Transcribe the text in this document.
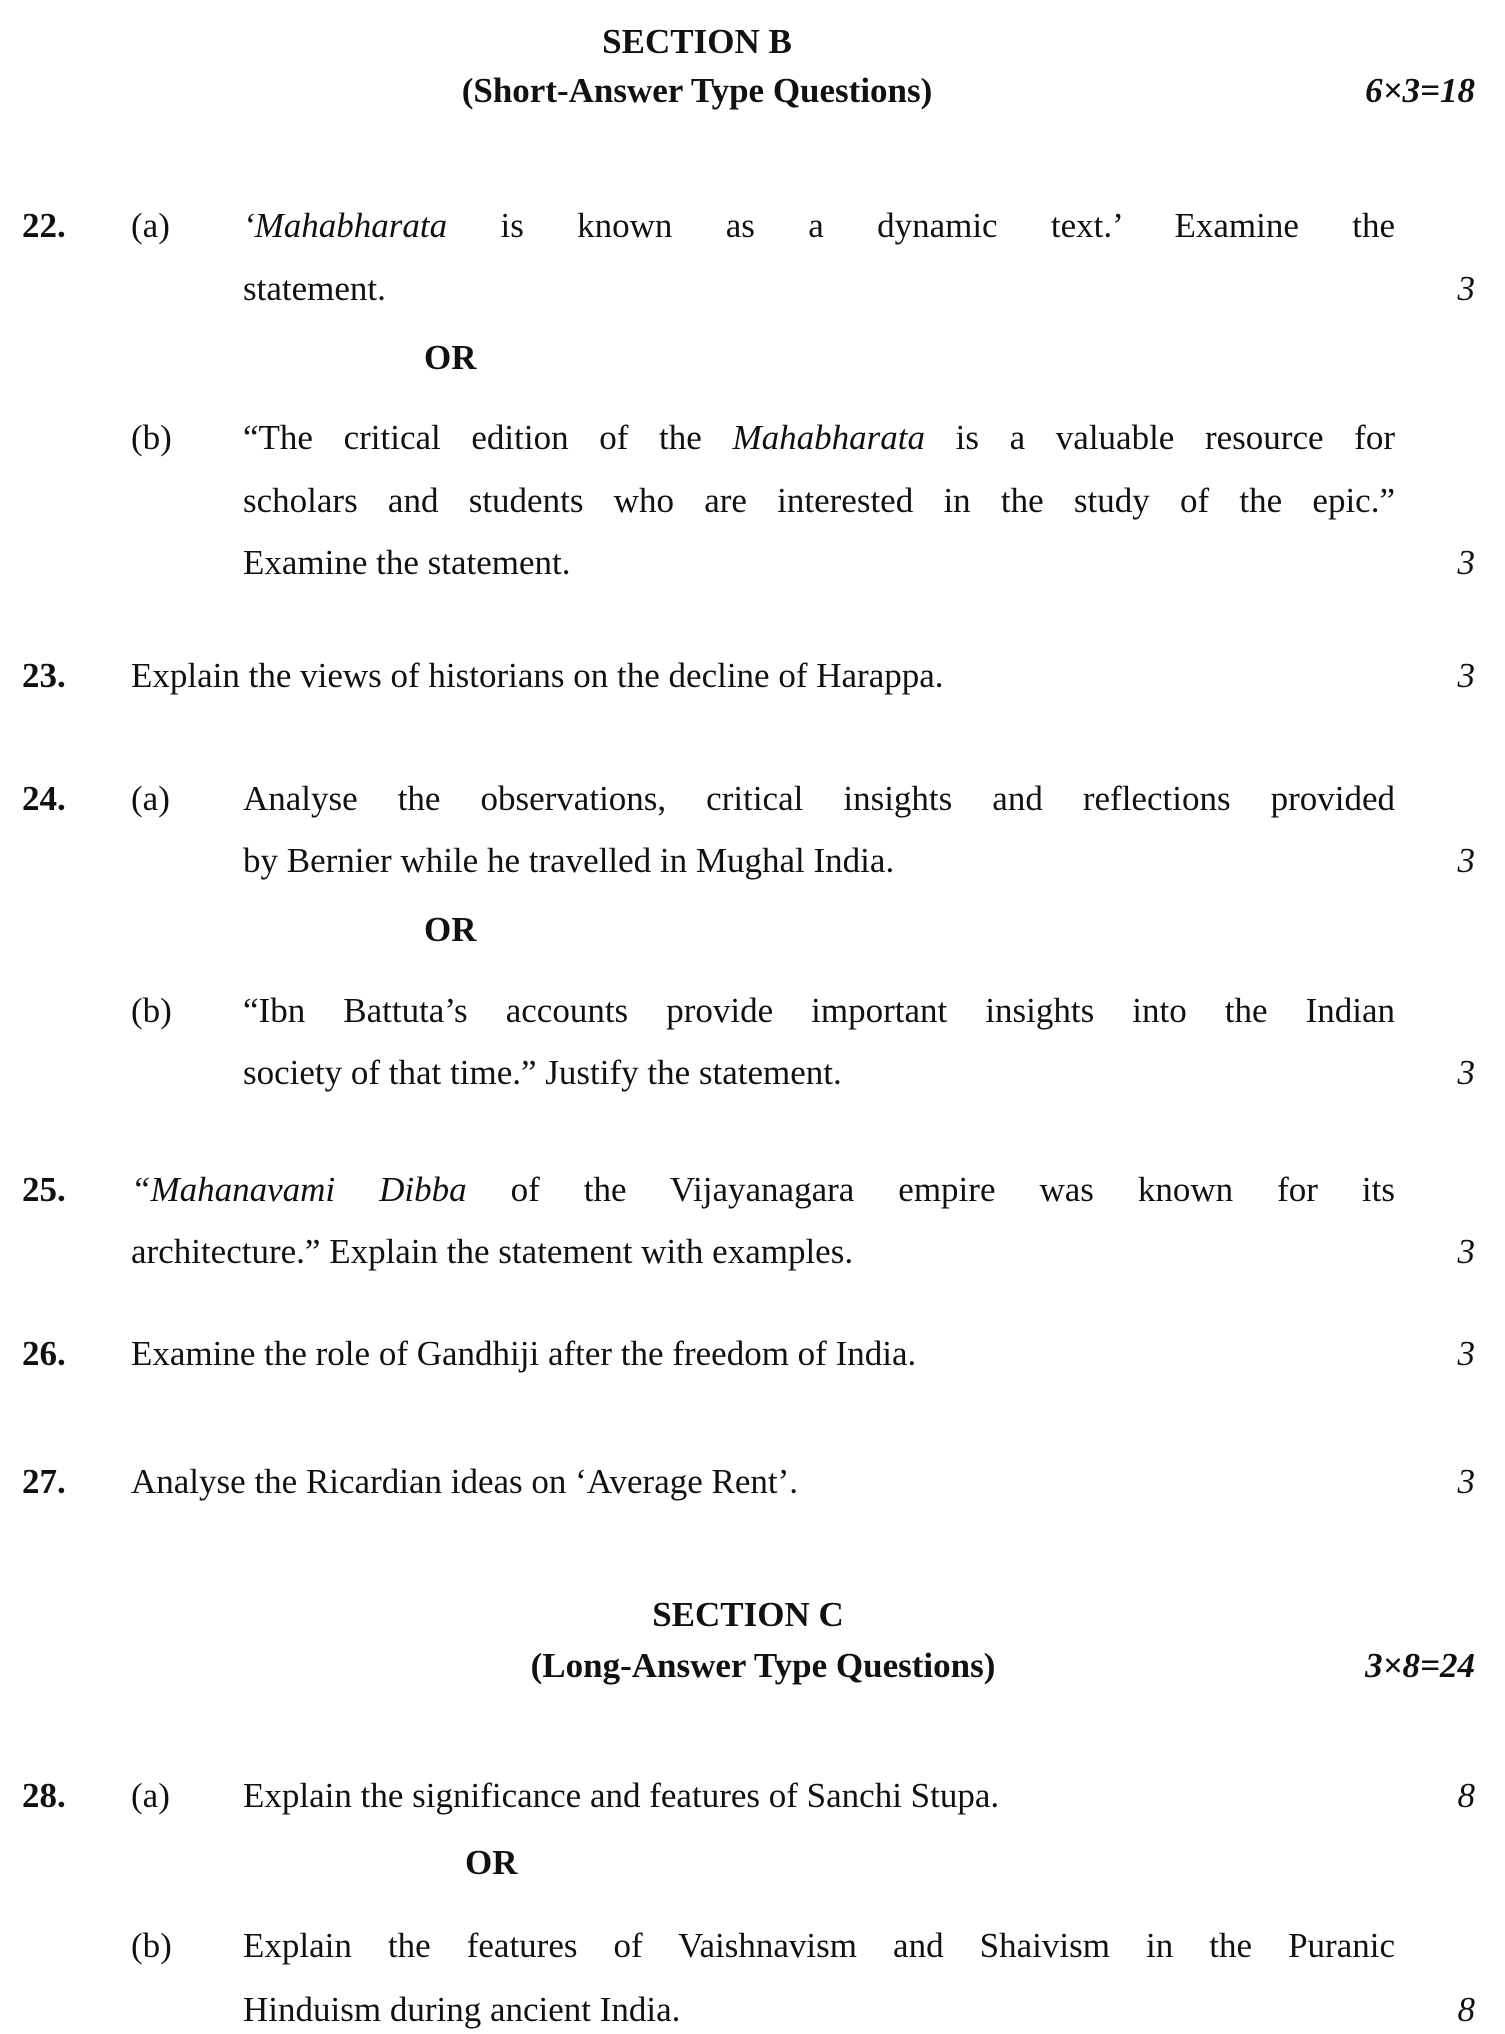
SECTION B
(Short-Answer Type Questions)	6×3=18
22. (a) ‘Mahabharata is known as a dynamic text.’ Examine the
statement.	3
OR
(b) “The critical edition of the Mahabharata is a valuable resource for
scholars and students who are interested in the study of the epic.”
Examine the statement.	3
23. Explain the views of historians on the decline of Harappa.	3
24. (a) Analyse the observations, critical insights and reflections provided
by Bernier while he travelled in Mughal India.	3
OR
(b) “Ibn Battuta’s accounts provide important insights into the Indian
society of that time.” Justify the statement.	3
25. “Mahanavami Dibba of the Vijayanagara empire was known for its
architecture.” Explain the statement with examples.	3
26. Examine the role of Gandhiji after the freedom of India.	3
27. Analyse the Ricardian ideas on ‘Average Rent’.	3
SECTION C
(Long-Answer Type Questions)	3×8=24
28. (a) Explain the significance and features of Sanchi Stupa.	8
OR
(b) Explain the features of Vaishnavism and Shaivism in the Puranic
Hinduism during ancient India.	8
